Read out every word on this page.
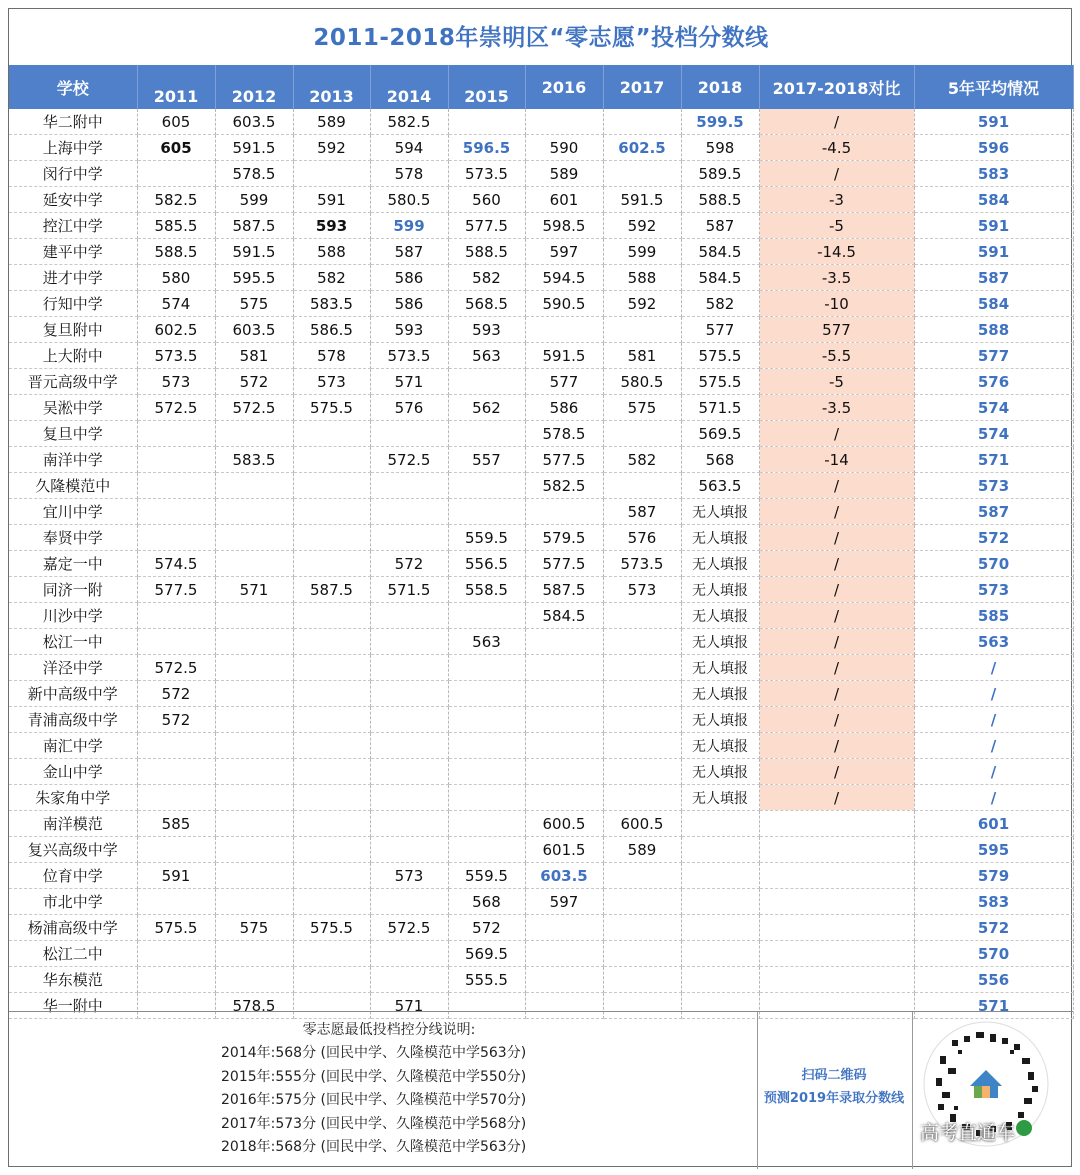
2011-2018年崇明区“零志愿”投档分数线
学校	2011	2012	2013	2014	2015	2016	2017	2018	2017-2018对比	5年平均情况
华二附中	605	603.5	589	582.5				599.5	/	591
上海中学	605	591.5	592	594	596.5	590	602.5	598	-4.5	596
闵行中学		578.5		578	573.5	589		589.5	/	583
延安中学	582.5	599	591	580.5	560	601	591.5	588.5	-3	584
控江中学	585.5	587.5	593	599	577.5	598.5	592	587	-5	591
建平中学	588.5	591.5	588	587	588.5	597	599	584.5	-14.5	591
进才中学	580	595.5	582	586	582	594.5	588	584.5	-3.5	587
行知中学	574	575	583.5	586	568.5	590.5	592	582	-10	584
复旦附中	602.5	603.5	586.5	593	593			577	577	588
上大附中	573.5	581	578	573.5	563	591.5	581	575.5	-5.5	577
晋元高级中学	573	572	573	571		577	580.5	575.5	-5	576
吴淞中学	572.5	572.5	575.5	576	562	586	575	571.5	-3.5	574
复旦中学						578.5		569.5	/	574
南洋中学		583.5		572.5	557	577.5	582	568	-14	571
久隆模范中						582.5		563.5	/	573
宜川中学							587	无人填报	/	587
奉贤中学					559.5	579.5	576	无人填报	/	572
嘉定一中	574.5			572	556.5	577.5	573.5	无人填报	/	570
同济一附	577.5	571	587.5	571.5	558.5	587.5	573	无人填报	/	573
川沙中学						584.5		无人填报	/	585
松江一中					563			无人填报	/	563
洋泾中学	572.5							无人填报	/	/
新中高级中学	572							无人填报	/	/
青浦高级中学	572							无人填报	/	/
南汇中学								无人填报	/	/
金山中学								无人填报	/	/
朱家角中学								无人填报	/	/
南洋模范	585					600.5	600.5			601
复兴高级中学						601.5	589			595
位育中学	591			573	559.5	603.5				579
市北中学					568	597				583
杨浦高级中学	575.5	575	575.5	572.5	572					572
松江二中					569.5					570
华东模范					555.5					556
华一附中		578.5		571						571
零志愿最低投档控分线说明:
2014年:568分 (回民中学、久隆模范中学563分)
2015年:555分 (回民中学、久隆模范中学550分)
2016年:575分 (回民中学、久隆模范中学570分)
2017年:573分 (回民中学、久隆模范中学568分)
2018年:568分 (回民中学、久隆模范中学563分)
扫码二维码
预测2019年录取分数线
高考直通车
